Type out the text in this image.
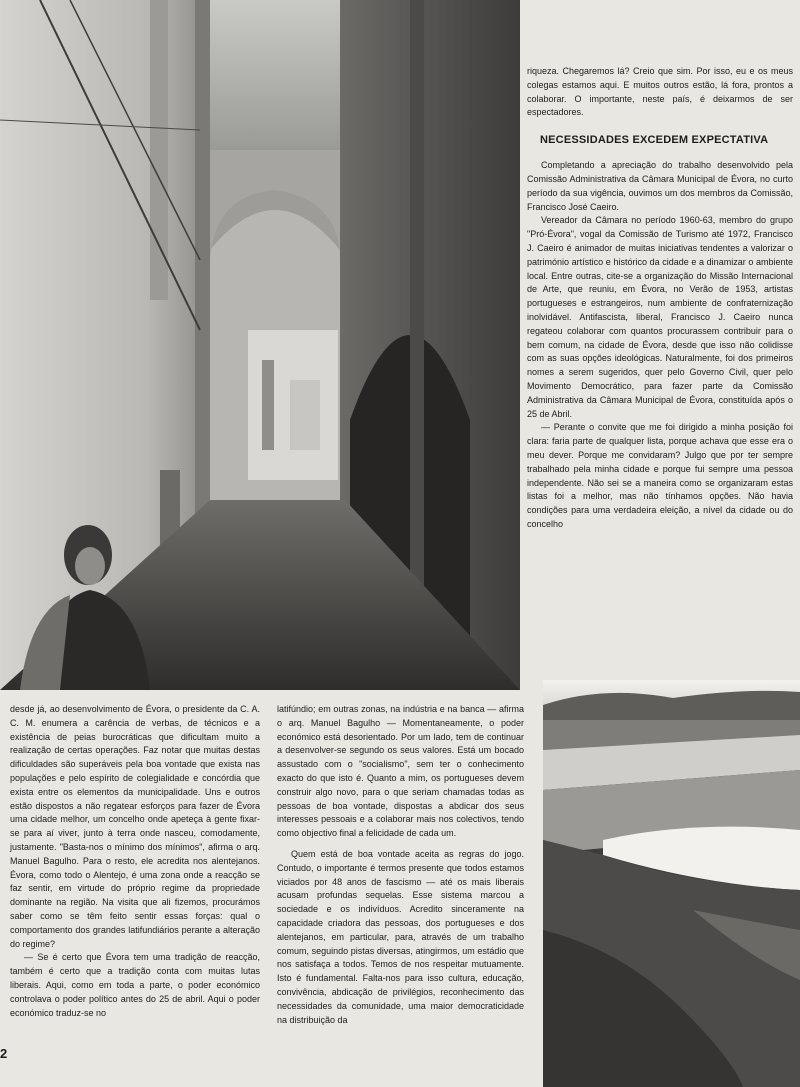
riqueza. Chegaremos lá? Creio que sim. Por isso, eu e os meus colegas estamos aqui. E muitos outros estão, lá fora, prontos a colaborar. O importante, neste país, é deixarmos de ser espectadores.

NECESSIDADES EXCEDEM EXPECTATIVA

Completando a apreciação do trabalho desenvolvido pela Comissão Administrativa da Câmara Municipal de Évora, no curto período da sua vigência, ouvimos um dos membros da Comissão, Francisco José Caeiro.

Vereador da Câmara no período 1960-63, membro do grupo "Pró-Évora", vogal da Comissão de Turismo até 1972, Francisco J. Caeiro é animador de muitas iniciativas tendentes a valorizar o património artístico e histórico da cidade e a dinamizar o ambiente local. Entre outras, cite-se a organização do Missão Internacional de Arte, que reuniu, em Évora, no Verão de 1953, artistas portugueses e estrangeiros, num ambiente de confraternização inolvidável. Antifascista, liberal, Francisco J. Caeiro nunca regateou colaborar com quantos procurassem contribuir para o bem comum, na cidade de Évora, desde que isso não colidisse com as suas opções ideológicas. Naturalmente, foi dos primeiros nomes a serem sugeridos, quer pelo Governo Civil, quer pelo Movimento Democrático, para fazer parte da Comissão Administrativa da Câmara Municipal de Évora, constituída após o 25 de Abril.

— Perante o convite que me foi dirigido a minha posição foi clara: faria parte de qualquer lista, porque achava que esse era o meu dever. Porque me convidaram? Julgo que por ter sempre trabalhado pela minha cidade e porque fui sempre uma pessoa independente. Não sei se a maneira como se organizaram estas listas foi a melhor, mas não tínhamos opções. Não havia condições para uma verdadeira eleição, a nível da cidade ou do concelho

desde já, ao desenvolvimento de Évora, o presidente da C. A. C. M. enumera a carência de verbas, de técnicos e a existência de peias burocráticas que dificultam muito a realização de certas operações. Faz notar que muitas destas dificuldades são superáveis pela boa vontade que exista nas populações e pelo espírito de colegialidade e concórdia que exista entre os elementos da municipalidade. Uns e outros estão dispostos a não regatear esforços para fazer de Évora uma cidade melhor, um concelho onde apeteça à gente fixar-se para aí viver, junto à terra onde nasceu, comodamente, justamente. "Basta-nos o mínimo dos mínimos", afirma o arq. Manuel Bagulho. Para o resto, ele acredita nos alentejanos. Évora, como todo o Alentejo, é uma zona onde a reacção se faz sentir, em virtude do próprio regime da propriedade dominante na região. Na visita que ali fizemos, procurámos saber como se têm feito sentir essas forças: qual o comportamento dos grandes latifundiários perante a alteração do regime?

— Se é certo que Évora tem uma tradição de reacção, também é certo que a tradição conta com muitas lutas liberais. Aqui, como em toda a parte, o poder económico controlava o poder político antes do 25 de abril. Aqui o poder económico traduz-se no

latifúndio; em outras zonas, na indústria e na banca — afirma o arq. Manuel Bagulho — Momentaneamente, o poder económico está desorientado. Por um lado, tem de continuar a desenvolver-se segundo os seus valores. Está um bocado assustado com o "socialismo", sem ter o conhecimento exacto do que isto é. Quanto a mim, os portugueses devem construir algo novo, para o que seriam chamadas todas as pessoas de boa vontade, dispostas a abdicar dos seus interesses pessoais e a colaborar mais nos colectivos, tendo como objectivo final a felicidade de cada um.

Quem está de boa vontade aceita as regras do jogo. Contudo, o importante é termos presente que todos estamos viciados por 48 anos de fascismo — até os mais liberais acusam profundas sequelas. Esse sistema marcou a sociedade e os indivíduos. Acredito sinceramente na capacidade criadora das pessoas, dos portugueses e dos alentejanos, em particular, para, através de um trabalho comum, seguindo pistas diversas, atingirmos, um estádio que nos satisfaça a todos. Temos de nos respeitar mutuamente. Isto é fundamental. Falta-nos para isso cultura, educação, convivência, abdicação de privilégios, reconhecimento das necessidades da comunidade, uma maior democraticidade na distribuição da

2
